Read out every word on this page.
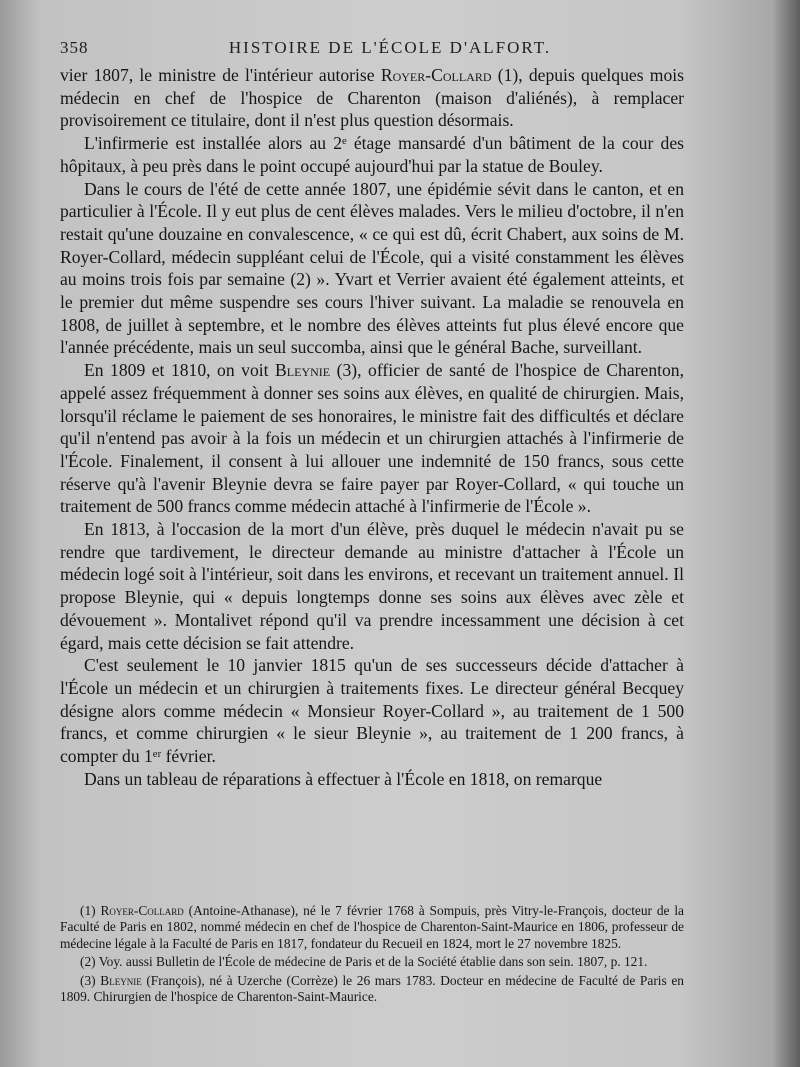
358	HISTOIRE DE L'ÉCOLE D'ALFORT.

vier 1807, le ministre de l'intérieur autorise Royer-Collard (1), depuis quelques mois médecin en chef de l'hospice de Charenton (maison d'aliénés), à remplacer provisoirement ce titulaire, dont il n'est plus question désormais.

L'infirmerie est installée alors au 2ᵉ étage mansardé d'un bâtiment de la cour des hôpitaux, à peu près dans le point occupé aujourd'hui par la statue de Bouley.

Dans le cours de l'été de cette année 1807, une épidémie sévit dans le canton, et en particulier à l'École. Il y eut plus de cent élèves malades. Vers le milieu d'octobre, il n'en restait qu'une douzaine en convalescence, « ce qui est dû, écrit Chabert, aux soins de M. Royer-Collard, médecin suppléant celui de l'École, qui a visité constamment les élèves au moins trois fois par semaine (2) ». Yvart et Verrier avaient été également atteints, et le premier dut même suspendre ses cours l'hiver suivant. La maladie se renouvela en 1808, de juillet à septembre, et le nombre des élèves atteints fut plus élevé encore que l'année précédente, mais un seul succomba, ainsi que le général Bache, surveillant.

En 1809 et 1810, on voit Bleynie (3), officier de santé de l'hospice de Charenton, appelé assez fréquemment à donner ses soins aux élèves, en qualité de chirurgien. Mais, lorsqu'il réclame le paiement de ses honoraires, le ministre fait des difficultés et déclare qu'il n'entend pas avoir à la fois un médecin et un chirurgien attachés à l'infirmerie de l'École. Finalement, il consent à lui allouer une indemnité de 150 francs, sous cette réserve qu'à l'avenir Bleynie devra se faire payer par Royer-Collard, « qui touche un traitement de 500 francs comme médecin attaché à l'infirmerie de l'École ».

En 1813, à l'occasion de la mort d'un élève, près duquel le médecin n'avait pu se rendre que tardivement, le directeur demande au ministre d'attacher à l'École un médecin logé soit à l'intérieur, soit dans les environs, et recevant un traitement annuel. Il propose Bleynie, qui « depuis longtemps donne ses soins aux élèves avec zèle et dévouement ». Montalivet répond qu'il va prendre incessamment une décision à cet égard, mais cette décision se fait attendre.

C'est seulement le 10 janvier 1815 qu'un de ses successeurs décide d'attacher à l'École un médecin et un chirurgien à traitements fixes. Le directeur général Becquey désigne alors comme médecin « Monsieur Royer-Collard », au traitement de 1 500 francs, et comme chirurgien « le sieur Bleynie », au traitement de 1 200 francs, à compter du 1ᵉʳ février.

Dans un tableau de réparations à effectuer à l'École en 1818, on remarque

(1) Royer-Collard (Antoine-Athanase), né le 7 février 1768 à Sompuis, près Vitry-le-François, docteur de la Faculté de Paris en 1802, nommé médecin en chef de l'hospice de Charenton-Saint-Maurice en 1806, professeur de médecine légale à la Faculté de Paris en 1817, fondateur du Recueil en 1824, mort le 27 novembre 1825.

(2) Voy. aussi Bulletin de l'École de médecine de Paris et de la Société établie dans son sein. 1807, p. 121.

(3) Bleynie (François), né à Uzerche (Corrèze) le 26 mars 1783. Docteur en médecine de Faculté de Paris en 1809. Chirurgien de l'hospice de Charenton-Saint-Maurice.
